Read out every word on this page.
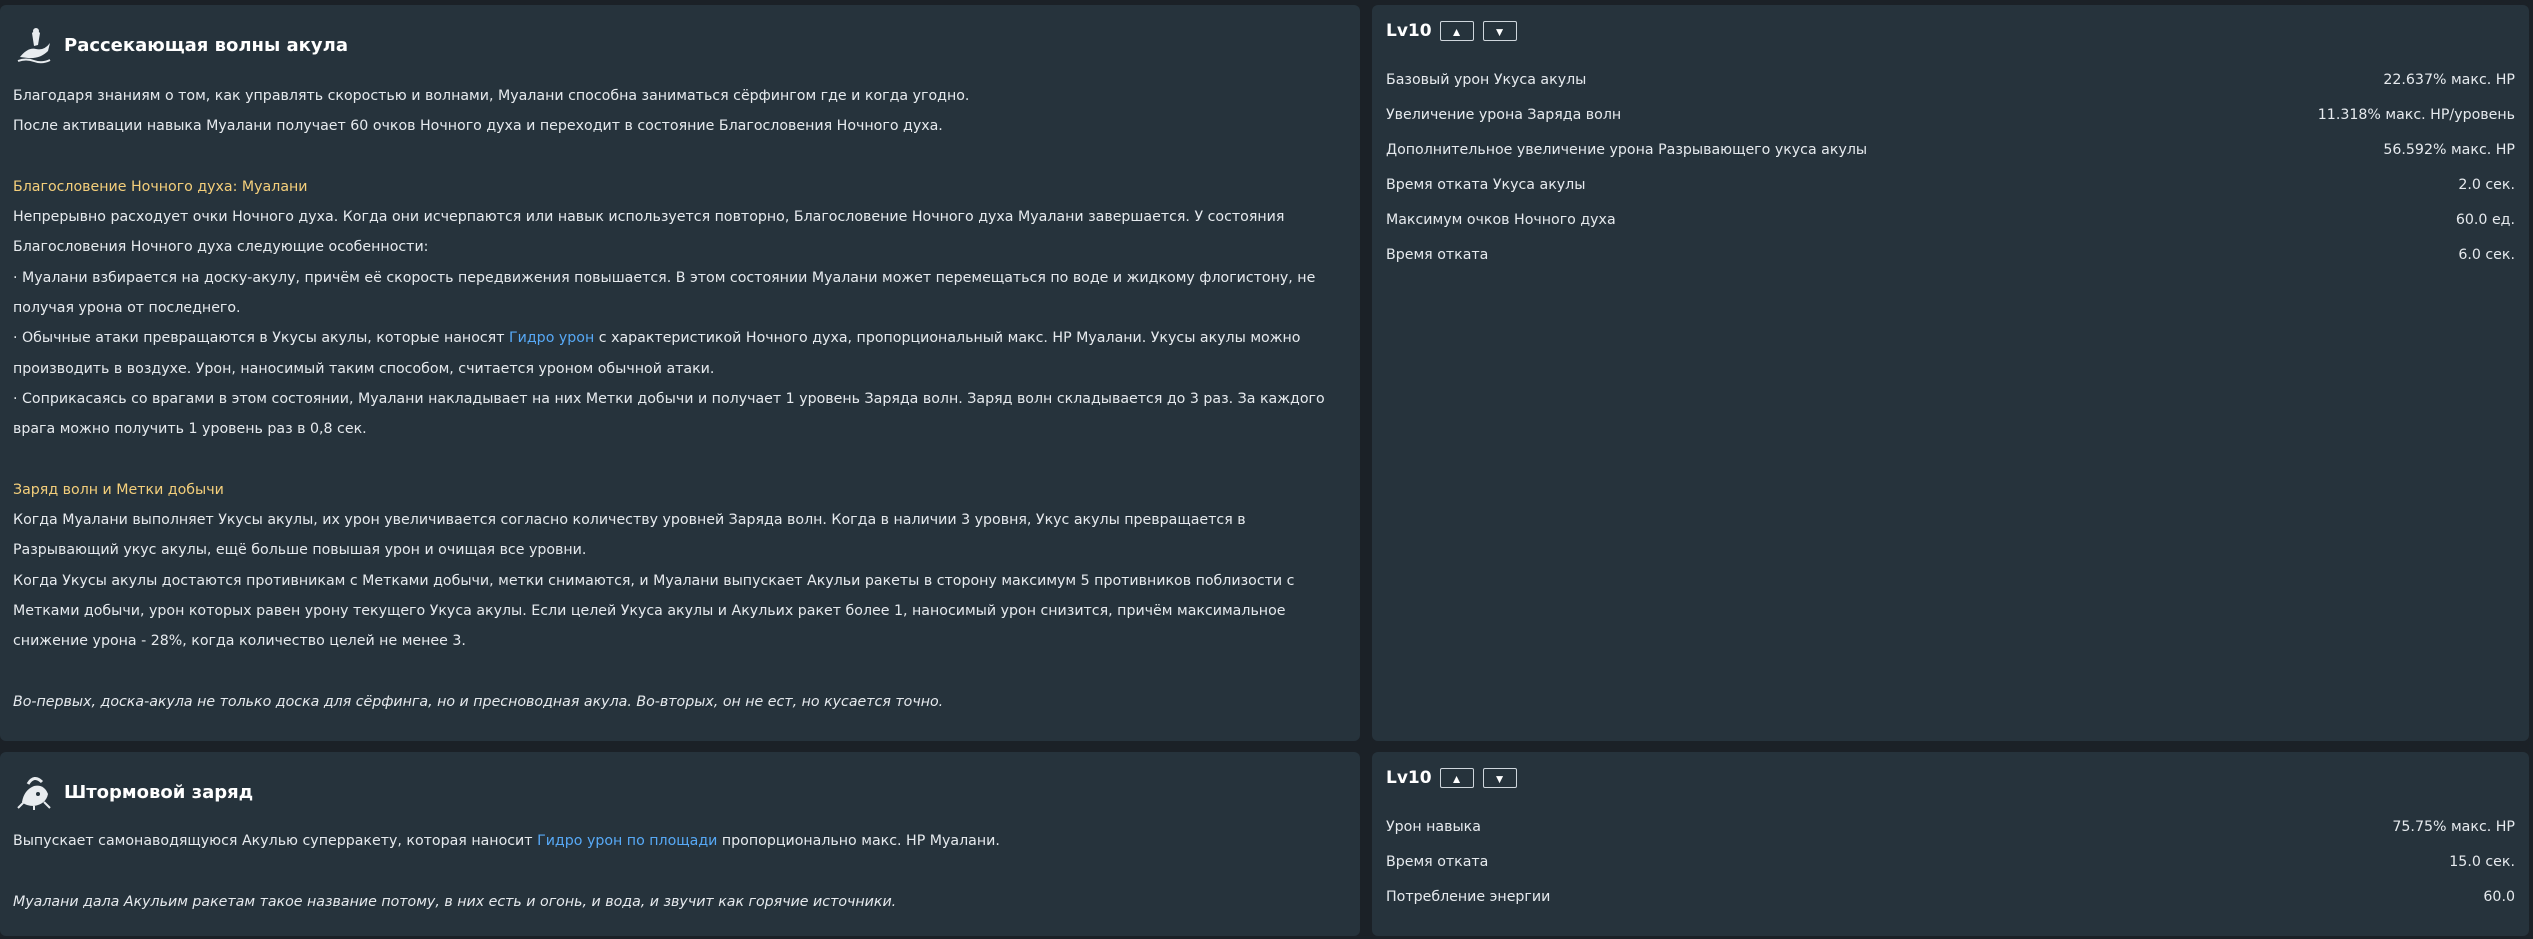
Рассекающая волны акула

Благодаря знаниям о том, как управлять скоростью и волнами, Муалани способна заниматься сёрфингом где и когда угодно.

После активации навыка Муалани получает 60 очков Ночного духа и переходит в состояние Благословения Ночного духа.

Благословение Ночного духа: Муалани

Непрерывно расходует очки Ночного духа. Когда они исчерпаются или навык используется повторно, Благословение Ночного духа Муалани завершается. У состояния Благословения Ночного духа следующие особенности:

· Муалани взбирается на доску-акулу, причём её скорость передвижения повышается. В этом состоянии Муалани может перемещаться по воде и жидкому флогистону, не получая урона от последнего.

· Обычные атаки превращаются в Укусы акулы, которые наносят Гидро урон с характеристикой Ночного духа, пропорциональный макс. HP Муалани. Укусы акулы можно производить в воздухе. Урон, наносимый таким способом, считается уроном обычной атаки.

· Соприкасаясь со врагами в этом состоянии, Муалани накладывает на них Метки добычи и получает 1 уровень Заряда волн. Заряд волн складывается до 3 раз. За каждого врага можно получить 1 уровень раз в 0,8 сек.

Заряд волн и Метки добычи

Когда Муалани выполняет Укусы акулы, их урон увеличивается согласно количеству уровней Заряда волн. Когда в наличии 3 уровня, Укус акулы превращается в Разрывающий укус акулы, ещё больше повышая урон и очищая все уровни.

Когда Укусы акулы достаются противникам с Метками добычи, метки снимаются, и Муалани выпускает Акульи ракеты в сторону максимум 5 противников поблизости с Метками добычи, урон которых равен урону текущего Укуса акулы. Если целей Укуса акулы и Акульих ракет более 1, наносимый урон снизится, причём максимальное снижение урона - 28%, когда количество целей не менее 3.

Во-первых, доска-акула не только доска для сёрфинга, но и пресноводная акула. Во-вторых, он не ест, но кусается точно.

Lv10	▲	▼
Базовый урон Укуса акулы	22.637% макс. HP
Увеличение урона Заряда волн	11.318% макс. HP/уровень
Дополнительное увеличение урона Разрывающего укуса акулы	56.592% макс. HP
Время отката Укуса акулы	2.0 сек.
Максимум очков Ночного духа	60.0 ед.
Время отката	6.0 сек.
Штормовой заряд

Выпускает самонаводящуюся Акулью суперракету, которая наносит Гидро урон по площади пропорционально макс. HP Муалани.

Муалани дала Акульим ракетам такое название потому, в них есть и огонь, и вода, и звучит как горячие источники.

Lv10	▲	▼
Урон навыка	75.75% макс. HP
Время отката	15.0 сек.
Потребление энергии	60.0
